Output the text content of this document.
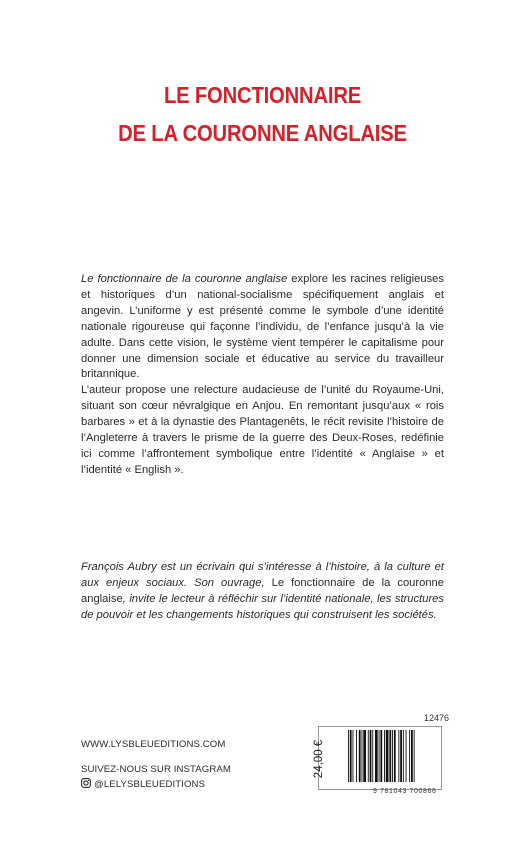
LE FONCTIONNAIRE
DE LA COURONNE ANGLAISE

Le fonctionnaire de la couronne anglaise explore les racines religieuses et historiques d’un national-socialisme spécifiquement anglais et angevin. L’uniforme y est présenté comme le symbole d’une identité nationale rigoureuse qui façonne l’individu, de l’enfance jusqu’à la vie adulte. Dans cette vision, le système vient tempérer le capitalisme pour donner une dimension sociale et éducative au service du travailleur britannique.

L’auteur propose une relecture audacieuse de l’unité du Royaume-Uni, situant son cœur névralgique en Anjou. En remontant jusqu’aux « rois barbares » et à la dynastie des Plantagenêts, le récit revisite l’histoire de l’Angleterre à travers le prisme de la guerre des Deux-Roses, redéfinie ici comme l’affrontement symbolique entre l’identité « Anglaise » et l’identité « English ».

François Aubry est un écrivain qui s’intéresse à l’histoire, à la culture et aux enjeux sociaux. Son ouvrage, Le fonctionnaire de la couronne anglaise, invite le lecteur à réfléchir sur l’identité nationale, les structures de pouvoir et les changements historiques qui construisent les sociétés.
WWW.LYSBLEUEDITIONS.COM
SUIVEZ-NOUS SUR INSTAGRAM
@LELYSBLEUEDITIONS
12476
24,00 €
9 781043 700866
